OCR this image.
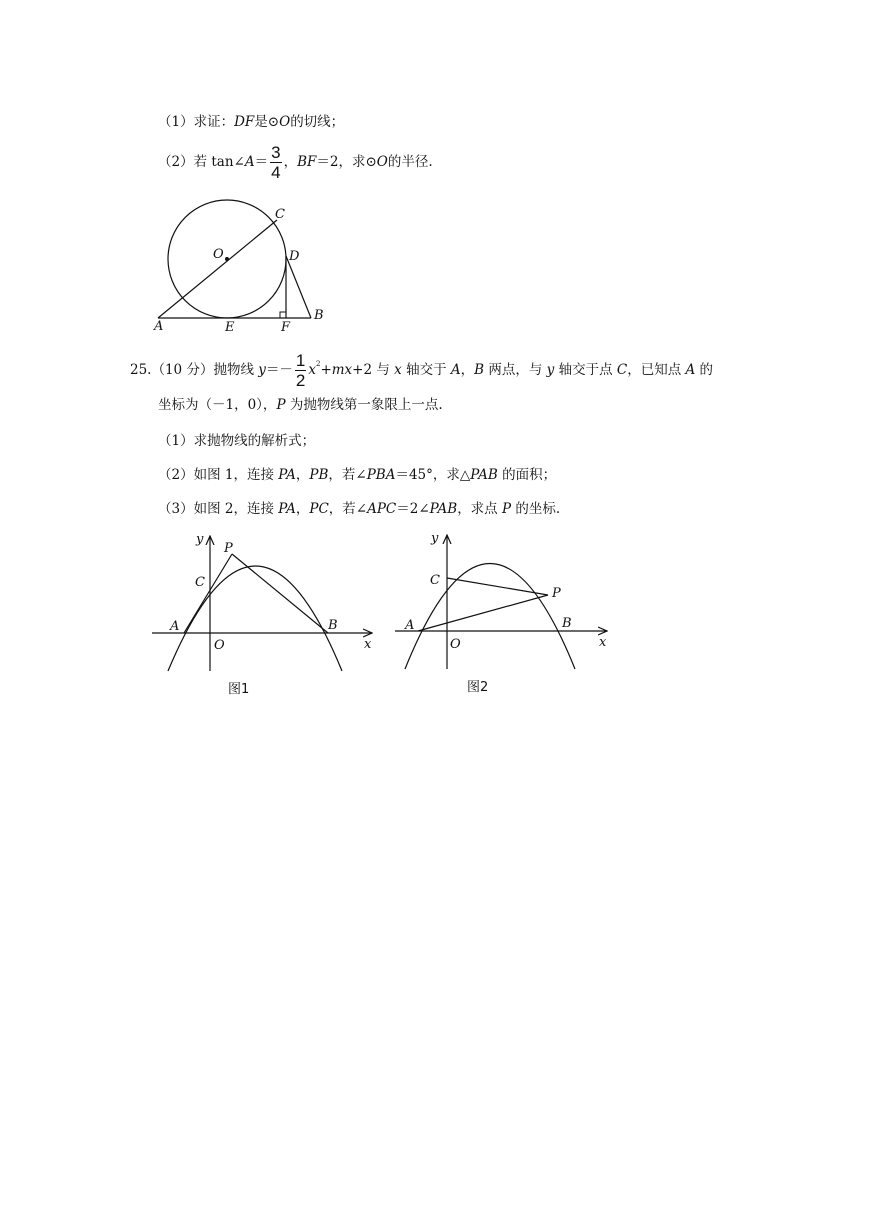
（1）求证：DF是⊙O的切线；
（2）若 tan∠A＝ $\frac{3}{4}$ ，BF＝2，求⊙O的半径.
C
O	D
A	E	F
B
25.（10 分）抛物线 $y=- \frac{1}{2} x^2+mx+2$ 与 x 轴交于 A，B 两点，与 y 轴交于点 C，已知点 A 的
坐标为（－1，0），P 为抛物线第一象限上一点.
（1）求抛物线的解析式；
（2）如图 1，连接 PA，PB，若∠PBA＝45°，求△PAB 的面积；
（3）如图 2，连接 PA，PC，若∠APC＝2∠PAB，求点 P 的坐标.
y
P
C
A
O
B
x
图1
y
C
P
A
O
B
x
图2
